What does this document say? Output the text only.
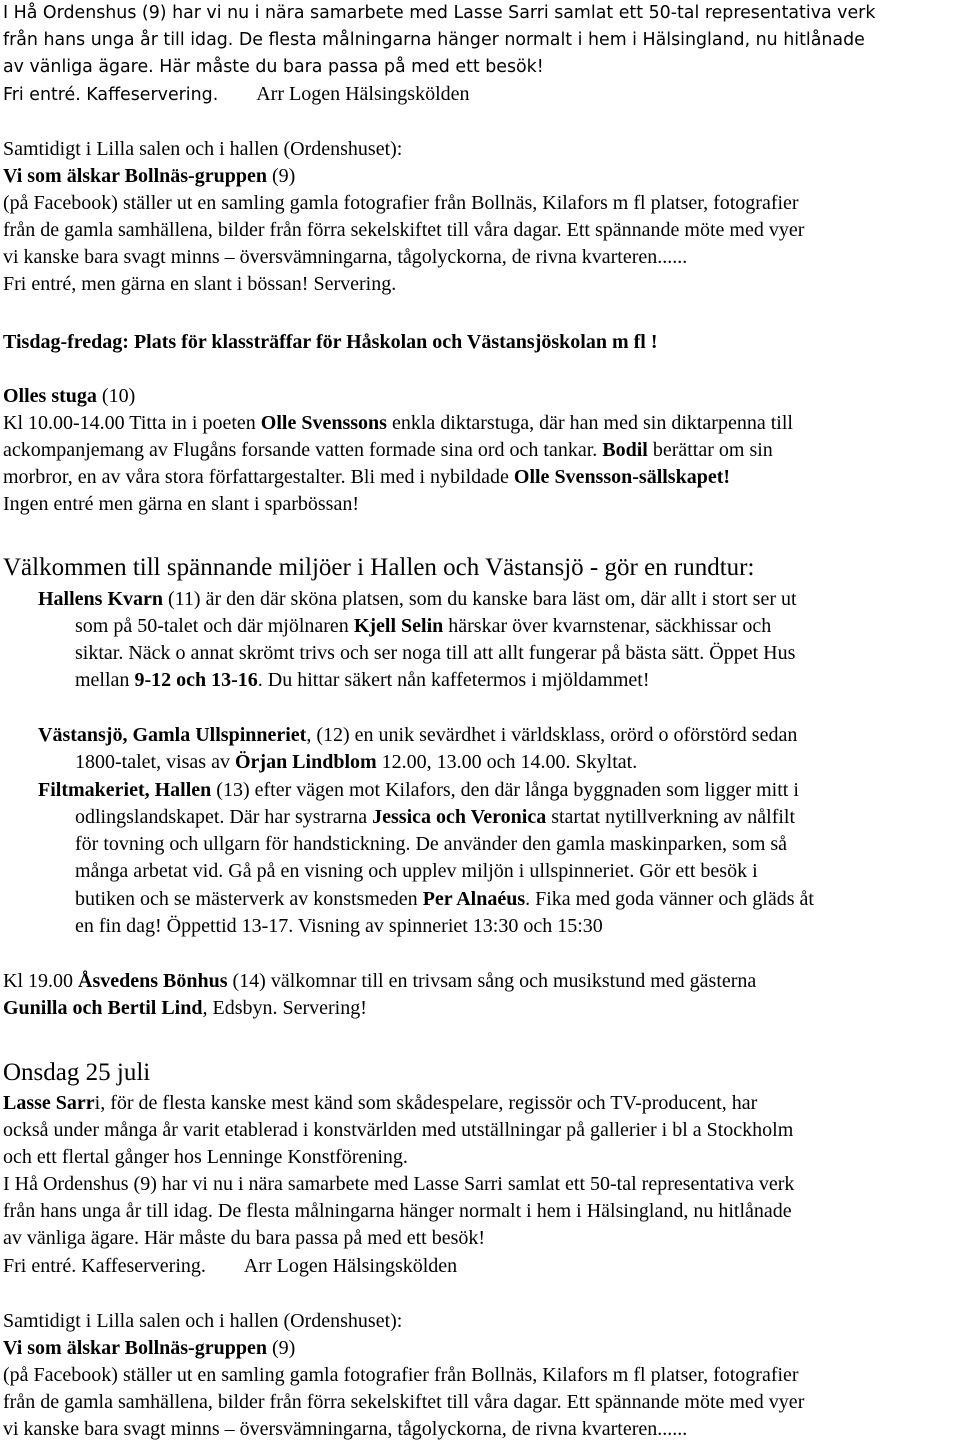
I Hå Ordenshus (9) har vi nu i nära samarbete med Lasse Sarri samlat ett 50-tal representativa verk
från hans unga år till idag. De flesta målningarna hänger normalt i hem i Hälsingland, nu hitlånade
av vänliga ägare. Här måste du bara passa på med ett besök!
Fri entré. Kaffeservering. Arr Logen Hälsingskölden
Samtidigt i Lilla salen och i hallen (Ordenshuset):
Vi som älskar Bollnäs-gruppen (9)
(på Facebook) ställer ut en samling gamla fotografier från Bollnäs, Kilafors m fl platser, fotografier
från de gamla samhällena, bilder från förra sekelskiftet till våra dagar. Ett spännande möte med vyer
vi kanske bara svagt minns – översvämningarna, tågolyckorna, de rivna kvarteren......
Fri entré, men gärna en slant i bössan! Servering.
Tisdag-fredag: Plats för klassträffar för Håskolan och Västansjöskolan m fl !
Olles stuga (10)
Kl 10.00-14.00 Titta in i poeten Olle Svenssons enkla diktarstuga, där han med sin diktarpenna till
ackompanjemang av Flugåns forsande vatten formade sina ord och tankar. Bodil berättar om sin
morbror, en av våra stora författargestalter. Bli med i nybildade Olle Svensson-sällskapet!
Ingen entré men gärna en slant i sparbössan!
Välkommen till spännande miljöer i Hallen och Västansjö - gör en rundtur:
Hallens Kvarn (11) är den där sköna platsen, som du kanske bara läst om, där allt i stort ser ut
som på 50-talet och där mjölnaren Kjell Selin härskar över kvarnstenar, säckhissar och
siktar. Näck o annat skrömt trivs och ser noga till att allt fungerar på bästa sätt. Öppet Hus
mellan 9-12 och 13-16. Du hittar säkert nån kaffetermos i mjöldammet!
Västansjö, Gamla Ullspinneriet, (12) en unik sevärdhet i världsklass, orörd o oförstörd sedan
1800-talet, visas av Örjan Lindblom 12.00, 13.00 och 14.00. Skyltat.
Filtmakeriet, Hallen (13) efter vägen mot Kilafors, den där långa byggnaden som ligger mitt i
odlingslandskapet. Där har systrarna Jessica och Veronica startat nytillverkning av nålfilt
för tovning och ullgarn för handstickning. De använder den gamla maskinparken, som så
många arbetat vid. Gå på en visning och upplev miljön i ullspinneriet. Gör ett besök i
butiken och se mästerverk av konstsmeden Per Alnaéus. Fika med goda vänner och gläds åt
en fin dag! Öppettid 13-17. Visning av spinneriet 13:30 och 15:30
Kl 19.00 Åsvedens Bönhus (14) välkomnar till en trivsam sång och musikstund med gästerna
Gunilla och Bertil Lind, Edsbyn. Servering!
Onsdag 25 juli
Lasse Sarri, för de flesta kanske mest känd som skådespelare, regissör och TV-producent, har
också under många år varit etablerad i konstvärlden med utställningar på gallerier i bl a Stockholm
och ett flertal gånger hos Lenninge Konstförening.
I Hå Ordenshus (9) har vi nu i nära samarbete med Lasse Sarri samlat ett 50-tal representativa verk
från hans unga år till idag. De flesta målningarna hänger normalt i hem i Hälsingland, nu hitlånade
av vänliga ägare. Här måste du bara passa på med ett besök!
Fri entré. Kaffeservering. Arr Logen Hälsingskölden
Samtidigt i Lilla salen och i hallen (Ordenshuset):
Vi som älskar Bollnäs-gruppen (9)
(på Facebook) ställer ut en samling gamla fotografier från Bollnäs, Kilafors m fl platser, fotografier
från de gamla samhällena, bilder från förra sekelskiftet till våra dagar. Ett spännande möte med vyer
vi kanske bara svagt minns – översvämningarna, tågolyckorna, de rivna kvarteren......
